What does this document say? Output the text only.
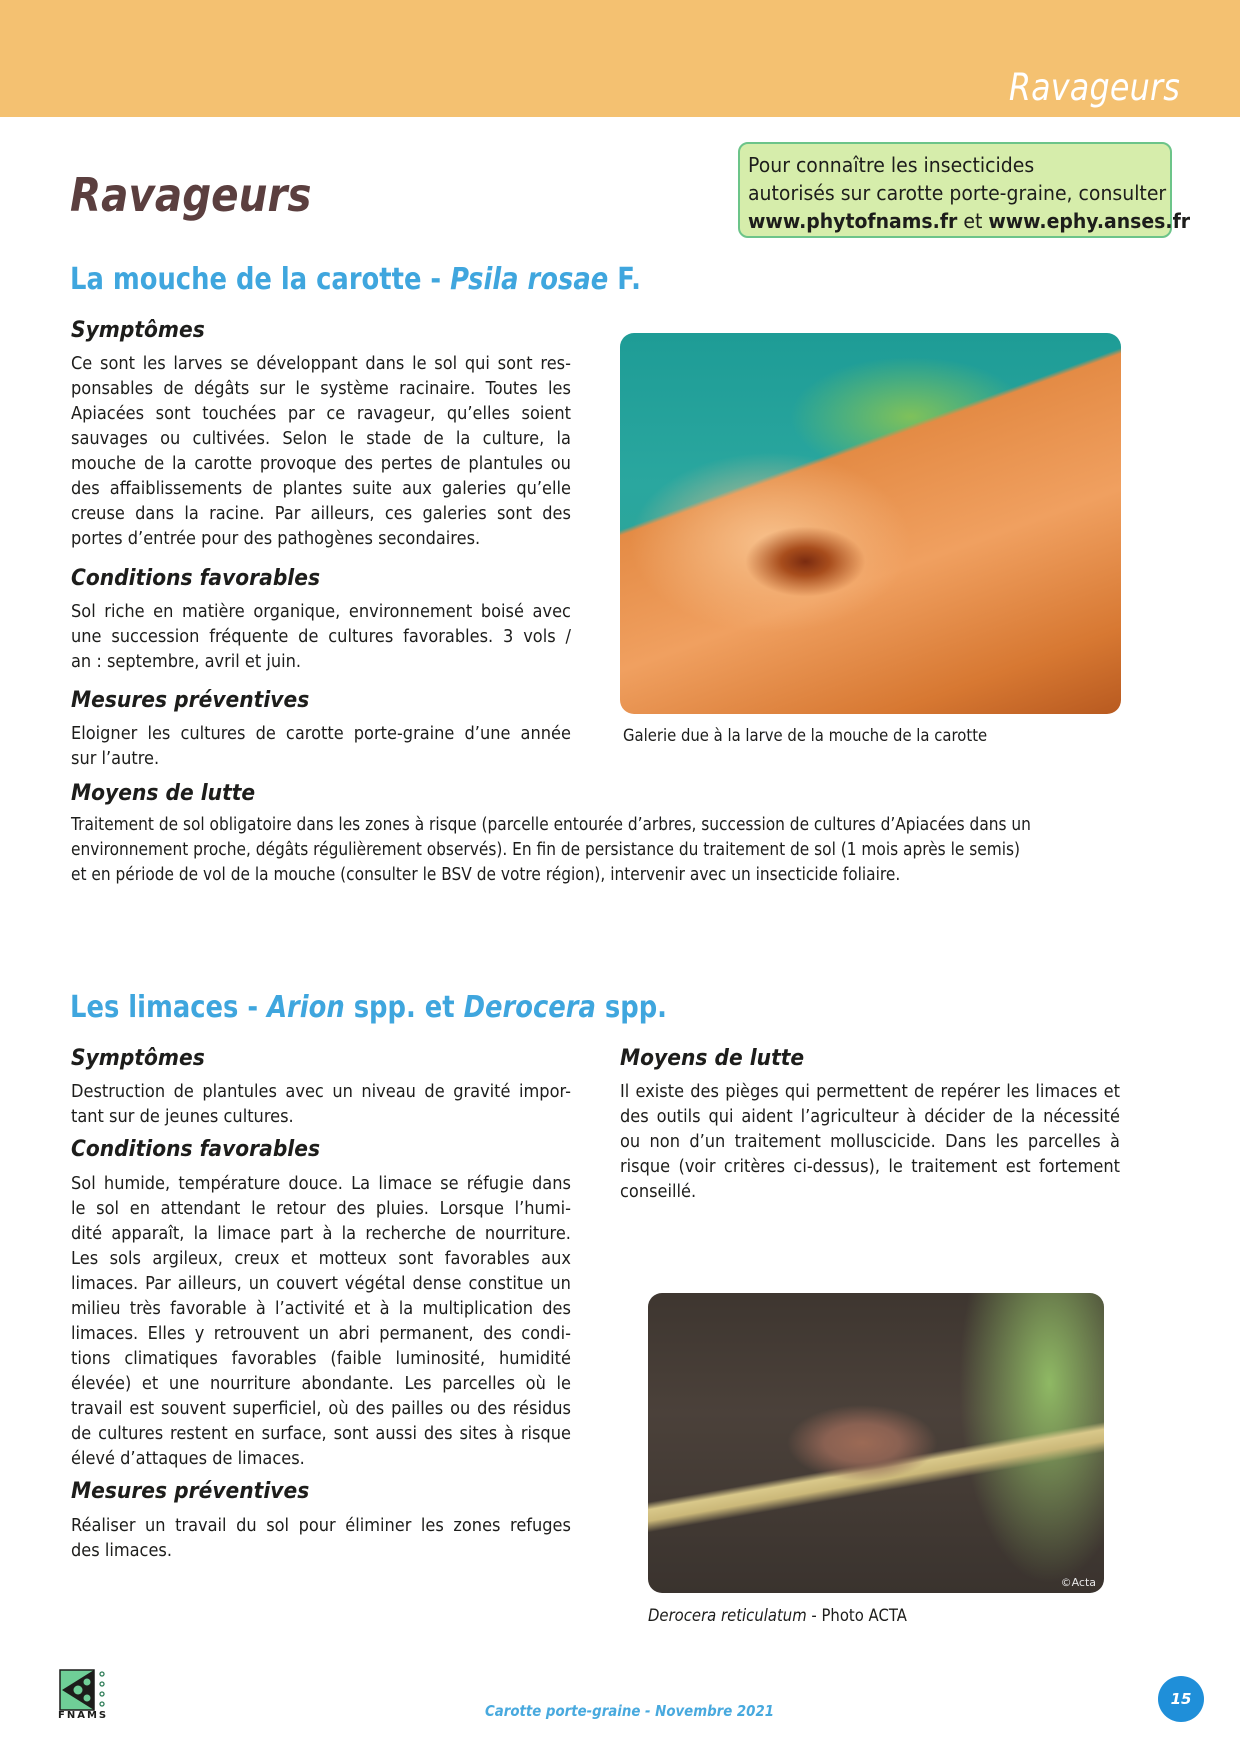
Ravageurs
Ravageurs
Pour connaître les insecticides
autorisés sur carotte porte-graine, consulter
www.phytofnams.fr et www.ephy.anses.fr
La mouche de la carotte - Psila rosae F.
Symptômes
Ce sont les larves se développant dans le sol qui sont res-
ponsables de dégâts sur le système racinaire. Toutes les
Apiacées sont touchées par ce ravageur, qu’elles soient
sauvages ou cultivées. Selon le stade de la culture, la
mouche de la carotte provoque des pertes de plantules ou
des affaiblissements de plantes suite aux galeries qu’elle
creuse dans la racine. Par ailleurs, ces galeries sont des
portes d’entrée pour des pathogènes secondaires.
Conditions favorables
Sol riche en matière organique, environnement boisé avec
une succession fréquente de cultures favorables. 3 vols /
an : septembre, avril et juin.
Mesures préventives
Eloigner les cultures de carotte porte-graine d’une année
sur l’autre.
Moyens de lutte
Traitement de sol obligatoire dans les zones à risque (parcelle entourée d’arbres, succession de cultures d’Apiacées dans un
environnement proche, dégâts régulièrement observés). En fin de persistance du traitement de sol (1 mois après le semis)
et en période de vol de la mouche (consulter le BSV de votre région), intervenir avec un insecticide foliaire.
Galerie due à la larve de la mouche de la carotte
Les limaces - Arion spp. et Derocera spp.
Symptômes
Destruction de plantules avec un niveau de gravité impor-
tant sur de jeunes cultures.
Conditions favorables
Sol humide, température douce. La limace se réfugie dans
le sol en attendant le retour des pluies. Lorsque l’humi-
dité apparaît, la limace part à la recherche de nourriture.
Les sols argileux, creux et motteux sont favorables aux
limaces. Par ailleurs, un couvert végétal dense constitue un
milieu très favorable à l’activité et à la multiplication des
limaces. Elles y retrouvent un abri permanent, des condi-
tions climatiques favorables (faible luminosité, humidité
élevée) et une nourriture abondante. Les parcelles où le
travail est souvent superficiel, où des pailles ou des résidus
de cultures restent en surface, sont aussi des sites à risque
élevé d’attaques de limaces.
Mesures préventives
Réaliser un travail du sol pour éliminer les zones refuges
des limaces.
Moyens de lutte
Il existe des pièges qui permettent de repérer les limaces et
des outils qui aident l’agriculteur à décider de la nécessité
ou non d’un traitement molluscicide. Dans les parcelles à
risque (voir critères ci-dessus), le traitement est fortement
conseillé.
©Acta
Derocera reticulatum - Photo ACTA
FNAMS	Carotte porte-graine - Novembre 2021
15
